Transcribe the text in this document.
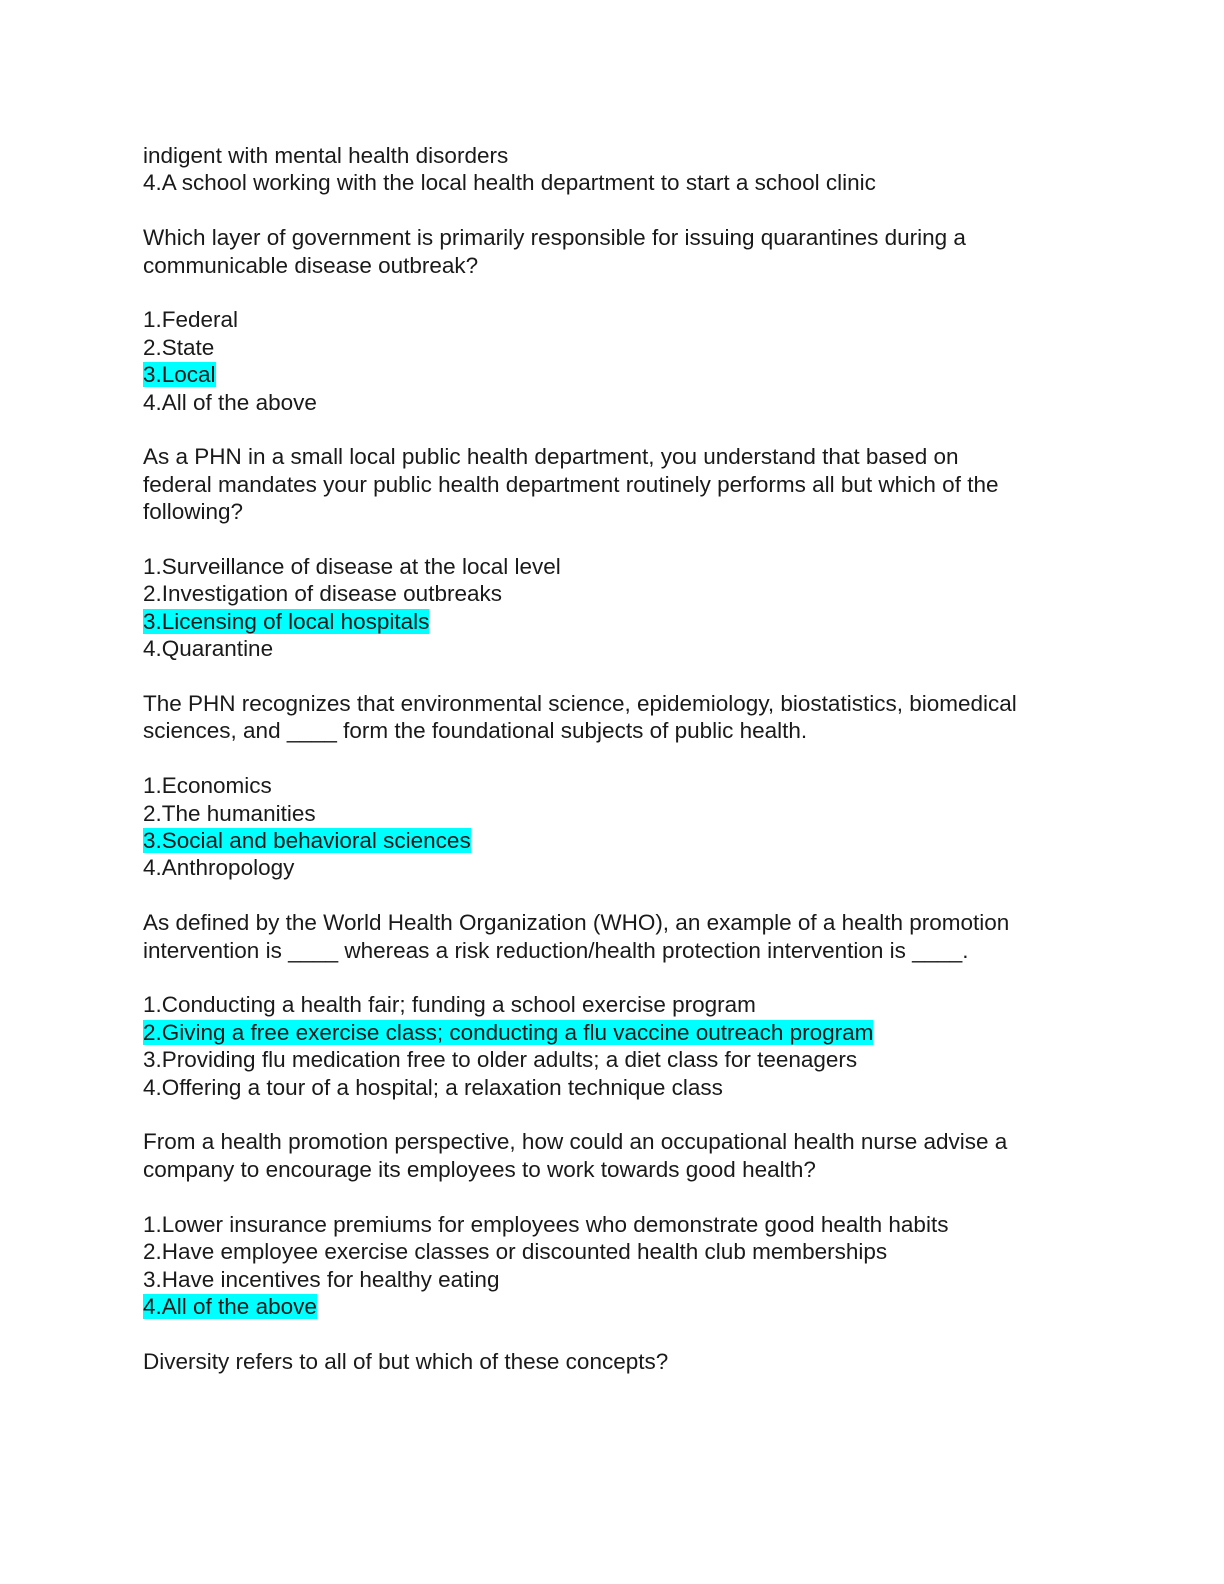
indigent with mental health disorders
4.A school working with the local health department to start a school clinic
Which layer of government is primarily responsible for issuing quarantines during a
communicable disease outbreak?
1.Federal
2.State
3.Local
4.All of the above
As a PHN in a small local public health department, you understand that based on
federal mandates your public health department routinely performs all but which of the
following?
1.Surveillance of disease at the local level
2.Investigation of disease outbreaks
3.Licensing of local hospitals
4.Quarantine
The PHN recognizes that environmental science, epidemiology, biostatistics, biomedical
sciences, and ____ form the foundational subjects of public health.
1.Economics
2.The humanities
3.Social and behavioral sciences
4.Anthropology
As defined by the World Health Organization (WHO), an example of a health promotion
intervention is ____ whereas a risk reduction/health protection intervention is ____.
1.Conducting a health fair; funding a school exercise program
2.Giving a free exercise class; conducting a flu vaccine outreach program
3.Providing flu medication free to older adults; a diet class for teenagers
4.Offering a tour of a hospital; a relaxation technique class
From a health promotion perspective, how could an occupational health nurse advise a
company to encourage its employees to work towards good health?
1.Lower insurance premiums for employees who demonstrate good health habits
2.Have employee exercise classes or discounted health club memberships
3.Have incentives for healthy eating
4.All of the above
Diversity refers to all of but which of these concepts?
